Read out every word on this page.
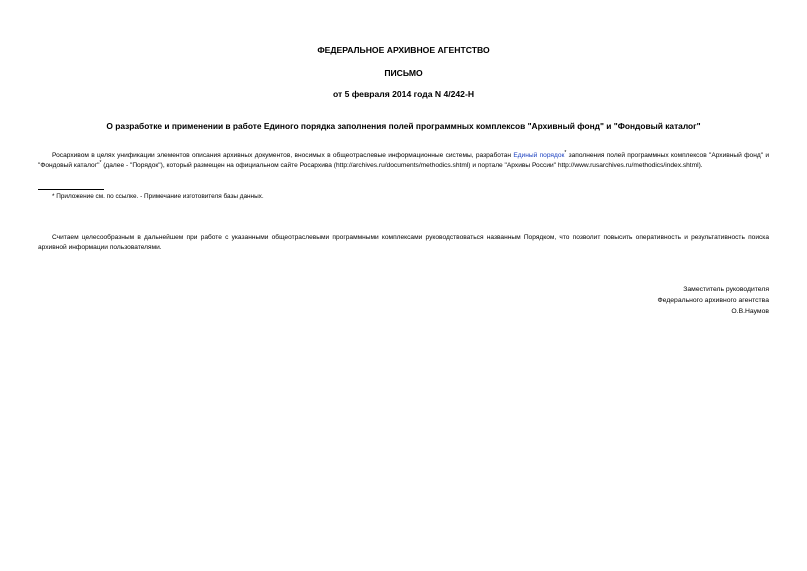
ФЕДЕРАЛЬНОЕ АРХИВНОЕ АГЕНТСТВО
ПИСЬМО
от 5 февраля 2014 года N 4/242-Н
О разработке и применении в работе Единого порядка заполнения полей программных комплексов "Архивный фонд" и "Фондовый каталог"
Росархивом в целях унификации элементов описания архивных документов, вносимых в общеотраслевые информационные системы, разработан Единый порядок* заполнения полей программных комплексов "Архивный фонд" и "Фондовый каталог"* (далее - "Порядок"), который размещен на официальном сайте Росархива (http://archives.ru/documents/methodics.shtml) и портале "Архивы России" http://www.rusarchives.ru/methodics/index.shtml).
* Приложение см. по ссылке. - Примечание изготовителя базы данных.
Считаем целесообразным в дальнейшем при работе с указанными общеотраслевыми программными комплексами руководствоваться названным Порядком, что позволит повысить оперативность и результативность поиска архивной информации пользователями.
Заместитель руководителя
Федерального архивного агентства
О.В.Наумов
